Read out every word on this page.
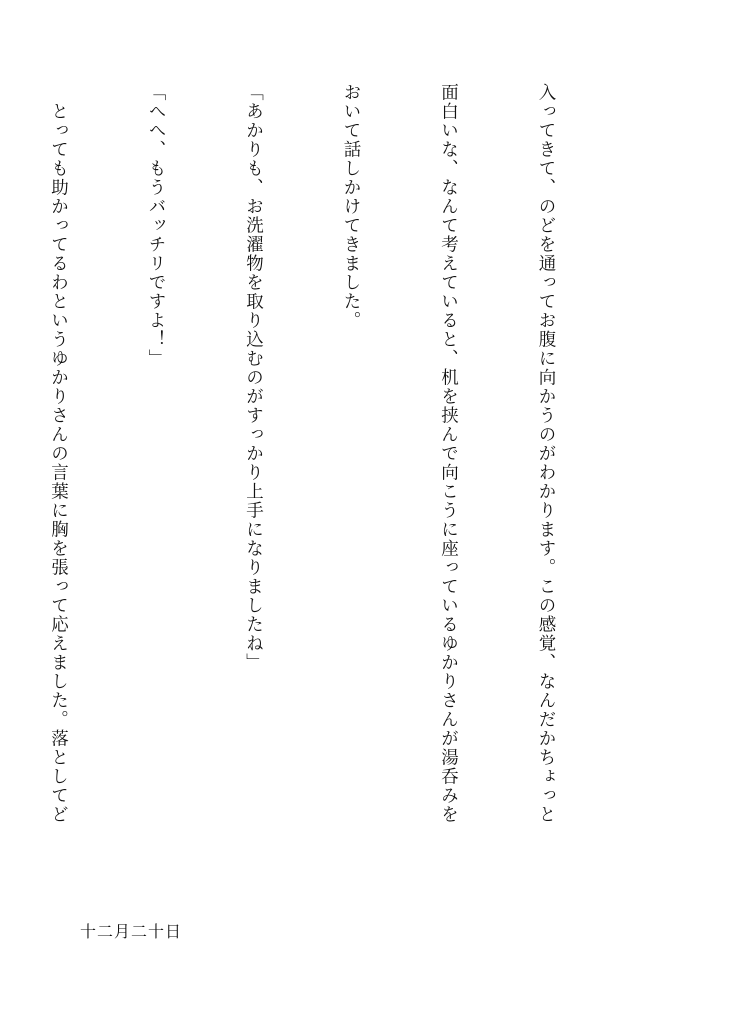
入ってきて、のどを通ってお腹に向かうのがわかります。この感覚、なんだかちょっと

面白いな、なんて考えていると、机を挟んで向こうに座っているゆかりさんが湯呑みを

おいて話しかけてきました。

「あかりも、お洗濯物を取り込むのがすっかり上手になりましたね」

「へへ、もうバッチリですよ！」

　とっても助かってるわというゆかりさんの言葉に胸を張って応えました。落としてど

十二月二十日
